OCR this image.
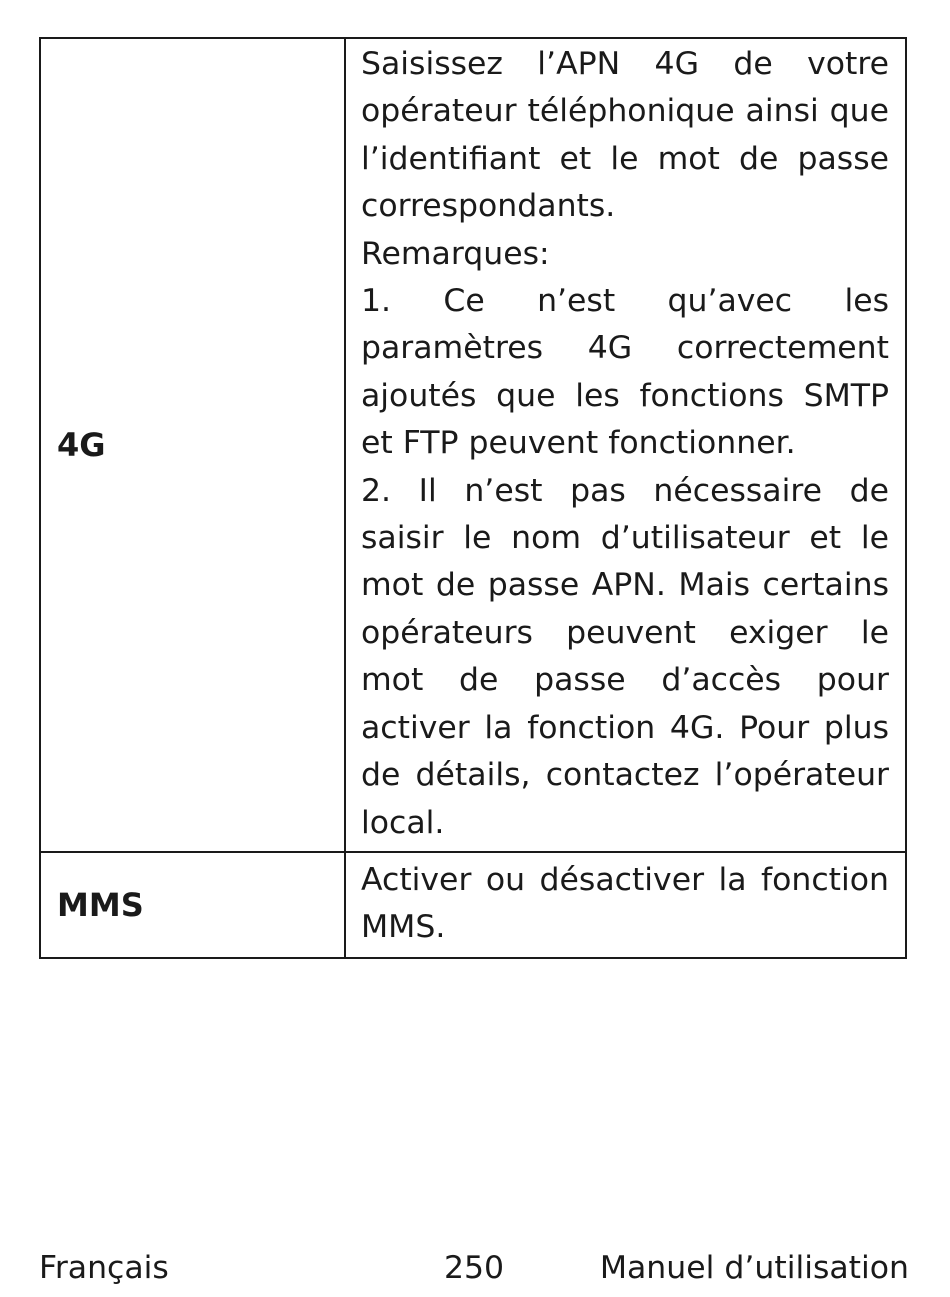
4G	Saisissez l’APN 4G de votre opérateur téléphonique ainsi que l’identifiant et le mot de passe correspondants.

Remarques:

1. Ce n’est qu’avec les paramètres 4G correctement ajoutés que les fonctions SMTP et FTP peuvent fonctionner.

2. Il n’est pas nécessaire de saisir le nom d’utilisateur et le mot de passe APN. Mais certains opérateurs peuvent exiger le mot de passe d’accès pour activer la fonction 4G. Pour plus de détails, contactez l’opérateur local.

MMS	Activer ou désactiver la fonction MMS.

250
Français	Manuel d’utilisation
